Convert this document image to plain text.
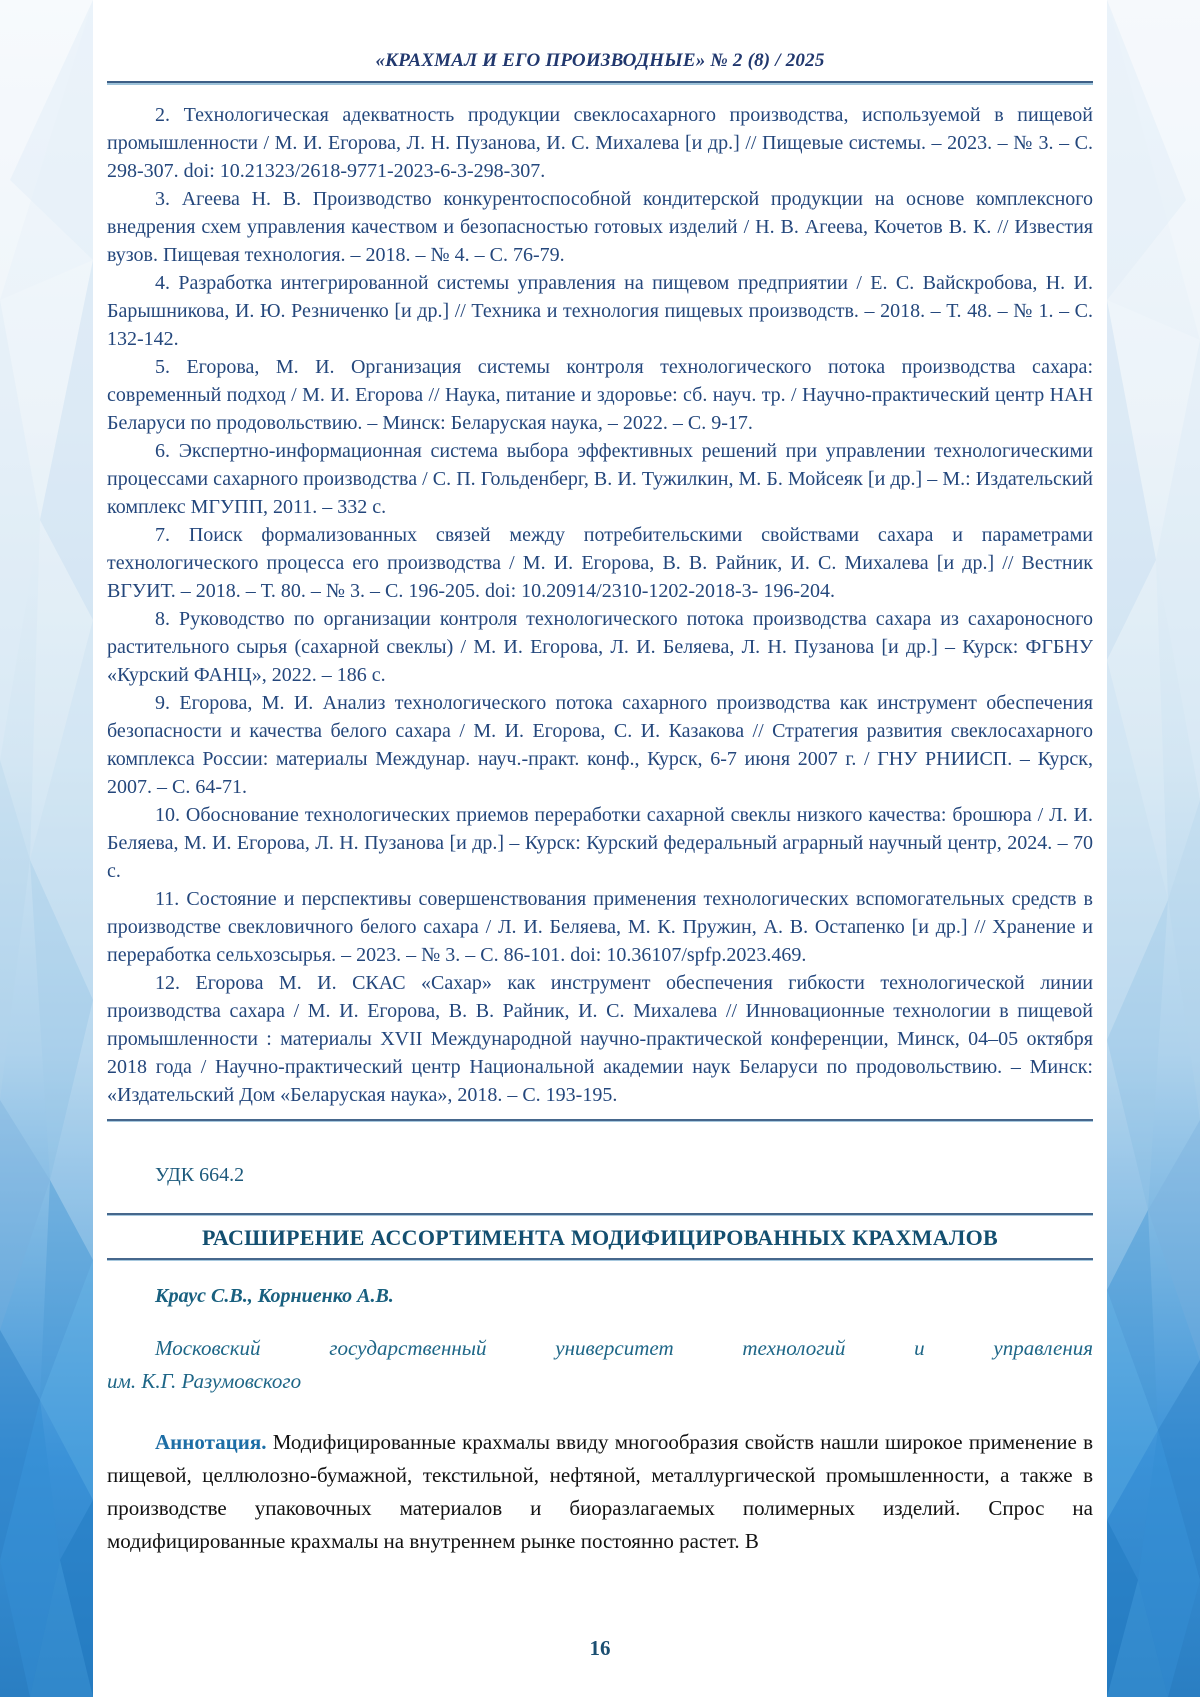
«КРАХМАЛ И ЕГО ПРОИЗВОДНЫЕ» № 2 (8) / 2025

2. Технологическая адекватность продукции свеклосахарного производства, используемой в пищевой промышленности / М. И. Егорова, Л. Н. Пузанова, И. С. Михалева [и др.] // Пищевые системы. – 2023. – № 3. – С. 298-307. doi: 10.21323/2618-9771-2023-6-3-298-307.

3. Агеева Н. В. Производство конкурентоспособной кондитерской продукции на основе комплексного внедрения схем управления качеством и безопасностью готовых изделий / Н. В. Агеева, Кочетов В. К. // Известия вузов. Пищевая технология. – 2018. – № 4. – С. 76-79.

4. Разработка интегрированной системы управления на пищевом предприятии / Е. С. Вайскробова, Н. И. Барышникова, И. Ю. Резниченко [и др.] // Техника и технология пищевых производств. – 2018. – Т. 48. – № 1. – С. 132-142.

5. Егорова, М. И. Организация системы контроля технологического потока производства сахара: современный подход / М. И. Егорова // Наука, питание и здоровье: сб. науч. тр. / Научно-практический центр НАН Беларуси по продовольствию. – Минск: Беларуская наука, – 2022. – С. 9-17.

6. Экспертно-информационная система выбора эффективных решений при управлении технологическими процессами сахарного производства / С. П. Гольденберг, В. И. Тужилкин, М. Б. Мойсеяк [и др.] – М.: Издательский комплекс МГУПП, 2011. – 332 с.

7. Поиск формализованных связей между потребительскими свойствами сахара и параметрами технологического процесса его производства / М. И. Егорова, В. В. Райник, И. С. Михалева [и др.] // Вестник ВГУИТ. – 2018. – Т. 80. – № 3. – С. 196-205. doi: 10.20914/2310-1202-2018-3- 196-204.

8. Руководство по организации контроля технологического потока производства сахара из сахароносного растительного сырья (сахарной свеклы) / М. И. Егорова, Л. И. Беляева, Л. Н. Пузанова [и др.] – Курск: ФГБНУ «Курский ФАНЦ», 2022. – 186 с.

9. Егорова, М. И. Анализ технологического потока сахарного производства как инструмент обеспечения безопасности и качества белого сахара / М. И. Егорова, С. И. Казакова // Стратегия развития свеклосахарного комплекса России: материалы Междунар. науч.-практ. конф., Курск, 6-7 июня 2007 г. / ГНУ РНИИСП. – Курск, 2007. – С. 64-71.

10. Обоснование технологических приемов переработки сахарной свеклы низкого качества: брошюра / Л. И. Беляева, М. И. Егорова, Л. Н. Пузанова [и др.] – Курск: Курский федеральный аграрный научный центр, 2024. – 70 с.

11. Состояние и перспективы совершенствования применения технологических вспомогательных средств в производстве свекловичного белого сахара / Л. И. Беляева, М. К. Пружин, А. В. Остапенко [и др.] // Хранение и переработка сельхозсырья. – 2023. – № 3. – С. 86-101. doi: 10.36107/spfp.2023.469.

12. Егорова М. И. СКАС «Сахар» как инструмент обеспечения гибкости технологической линии производства сахара / М. И. Егорова, В. В. Райник, И. С. Михалева // Инновационные технологии в пищевой промышленности : материалы XVII Международной научно-практической конференции, Минск, 04–05 октября 2018 года / Научно-практический центр Национальной академии наук Беларуси по продовольствию. – Минск: «Издательский Дом «Беларуская наука», 2018. – С. 193-195.

УДК 664.2
РАСШИРЕНИЕ АССОРТИМЕНТА МОДИФИЦИРОВАННЫХ КРАХМАЛОВ
Краус С.В., Корниенко А.В.
Московский государственный университет технологий и управления
им. К.Г. Разумовского

Аннотация. Модифицированные крахмалы ввиду многообразия свойств нашли широкое применение в пищевой, целлюлозно-бумажной, текстильной, нефтяной, металлургической промышленности, а также в производстве упаковочных материалов и биоразлагаемых полимерных изделий. Спрос на модифицированные крахмалы на внутреннем рынке постоянно растет. В

16
